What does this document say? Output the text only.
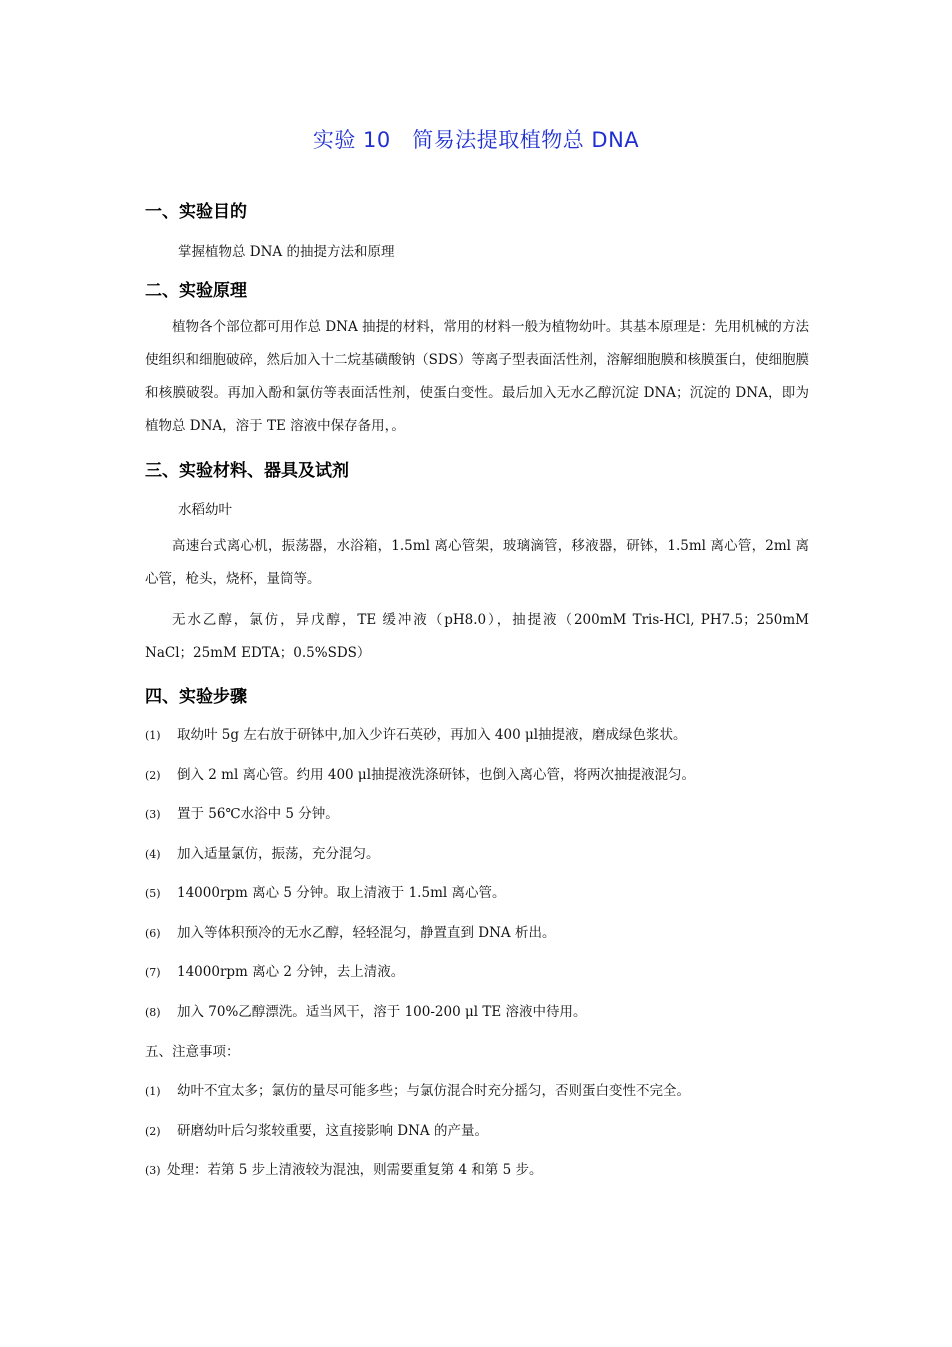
实验 10   简易法提取植物总 DNA
一、实验目的
掌握植物总 DNA 的抽提方法和原理
二、实验原理

植物各个部位都可用作总 DNA 抽提的材料，常用的材料一般为植物幼叶。其基本原理是：先用机械的方法使组织和细胞破碎，然后加入十二烷基磺酸钠（SDS）等离子型表面活性剂，溶解细胞膜和核膜蛋白，使细胞膜和核膜破裂。再加入酚和氯仿等表面活性剂，使蛋白变性。最后加入无水乙醇沉淀 DNA；沉淀的 DNA，即为植物总 DNA，溶于 TE 溶液中保存备用，。

三、实验材料、器具及试剂
水稻幼叶

高速台式离心机，振荡器，水浴箱，1.5ml 离心管架，玻璃滴管，移液器，研钵，1.5ml 离心管，2ml 离心管，枪头，烧杯，量筒等。

无水乙醇，氯仿，异戊醇，TE 缓冲液（pH8.0），抽提液（200mM Tris-HCl, PH7.5；250mM NaCl；25mM EDTA；0.5%SDS）

四、实验步骤
(1) 取幼叶 5g 左右放于研钵中,加入少许石英砂，再加入 400 μl抽提液，磨成绿色浆状。
(2) 倒入 2 ml 离心管。约用 400 μl抽提液洗涤研钵，也倒入离心管，将两次抽提液混匀。
(3) 置于 56℃水浴中 5 分钟。
(4) 加入适量氯仿，振荡，充分混匀。
(5) 14000rpm 离心 5 分钟。取上清液于 1.5ml 离心管。
(6) 加入等体积预冷的无水乙醇，轻轻混匀，静置直到 DNA 析出。
(7) 14000rpm 离心 2 分钟，去上清液。
(8) 加入 70%乙醇漂洗。适当风干，溶于 100-200 μl TE 溶液中待用。
五、注意事项：
(1) 幼叶不宜太多；氯仿的量尽可能多些；与氯仿混合时充分摇匀，否则蛋白变性不完全。
(2) 研磨幼叶后匀浆较重要，这直接影响 DNA 的产量。
(3) 处理：若第 5 步上清液较为混浊，则需要重复第 4 和第 5 步。
